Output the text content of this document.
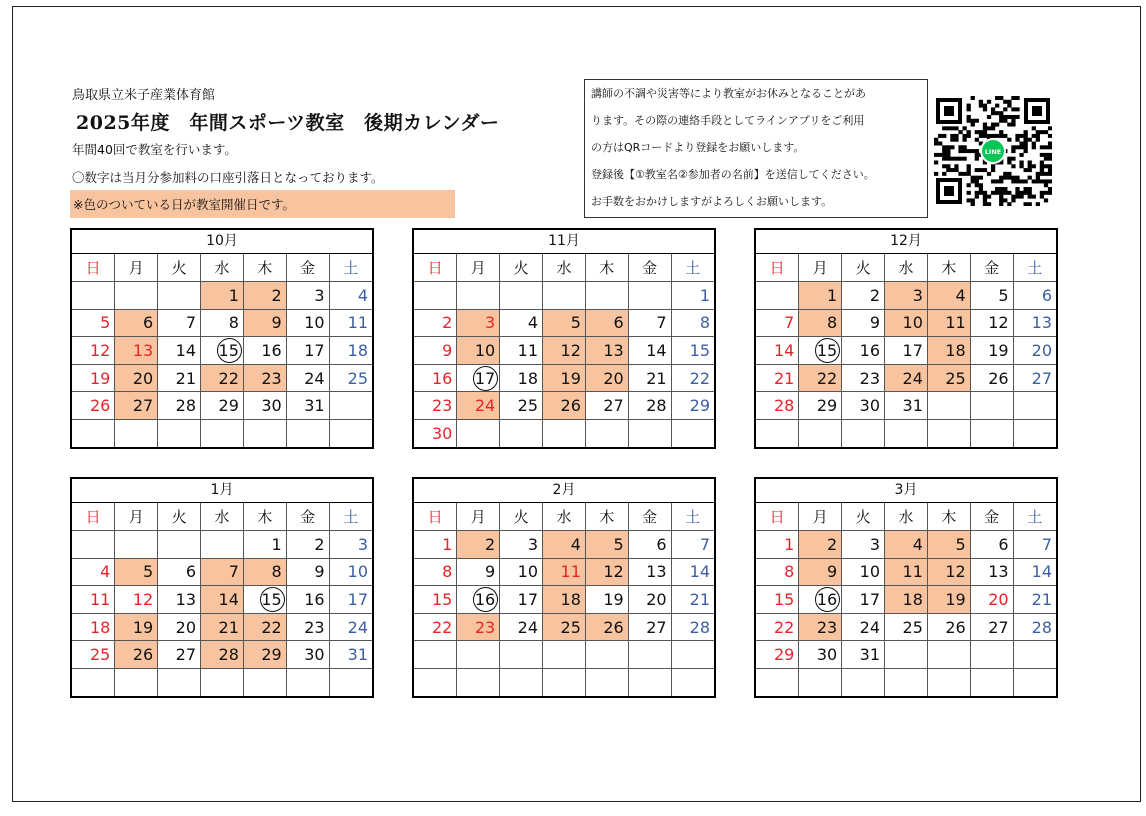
鳥取県立米子産業体育館
2025年度　年間スポーツ教室　後期カレンダー
年間40回で教室を行います。
〇数字は当月分参加料の口座引落日となっております。
※色のついている日が教室開催日です。
講師の不調や災害等により教室がお休みとなることがあ
ります。その際の連絡手段としてラインアプリをご利用
の方はQRコードより登録をお願いします。
登録後【①教室名②参加者の名前】を送信してください。
お手数をおかけしますがよろしくお願いします。
LINE
10月
日	月	火	水	木	金	土
			1	2	3	4
5	6	7	8	9	10	11
12	13	14	15	16	17	18
19	20	21	22	23	24	25
26	27	28	29	30	31	

11月
日	月	火	水	木	金	土
						1
2	3	4	5	6	7	8
9	10	11	12	13	14	15
16	17	18	19	20	21	22
23	24	25	26	27	28	29
30						
12月
日	月	火	水	木	金	土
	1	2	3	4	5	6
7	8	9	10	11	12	13
14	15	16	17	18	19	20
21	22	23	24	25	26	27
28	29	30	31			

1月
日	月	火	水	木	金	土
				1	2	3
4	5	6	7	8	9	10
11	12	13	14	15	16	17
18	19	20	21	22	23	24
25	26	27	28	29	30	31

2月
日	月	火	水	木	金	土
1	2	3	4	5	6	7
8	9	10	11	12	13	14
15	16	17	18	19	20	21
22	23	24	25	26	27	28

3月
日	月	火	水	木	金	土
1	2	3	4	5	6	7
8	9	10	11	12	13	14
15	16	17	18	19	20	21
22	23	24	25	26	27	28
29	30	31				
